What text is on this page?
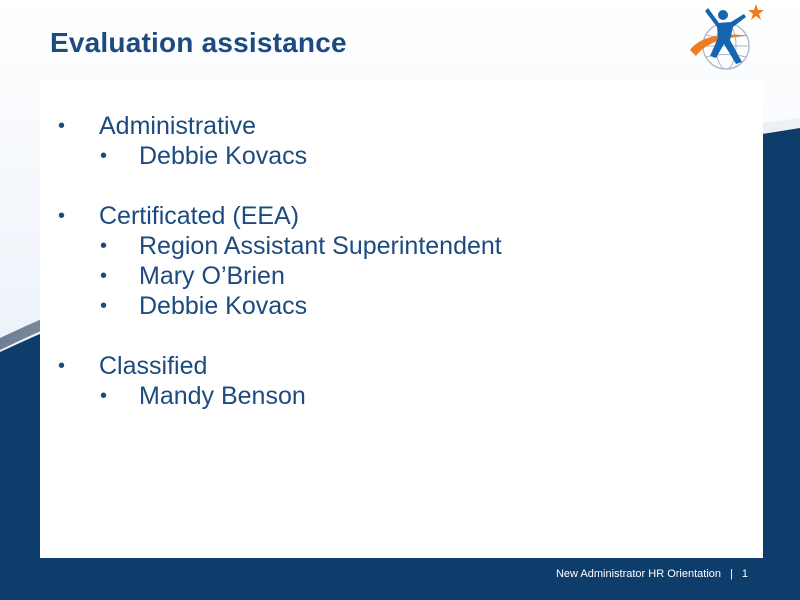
Evaluation assistance
• Administrative
• Debbie Kovacs
• Certificated (EEA)
• Region Assistant Superintendent
• Mary O’Brien
• Debbie Kovacs
• Classified
• Mandy Benson
New Administrator HR Orientation | 1
